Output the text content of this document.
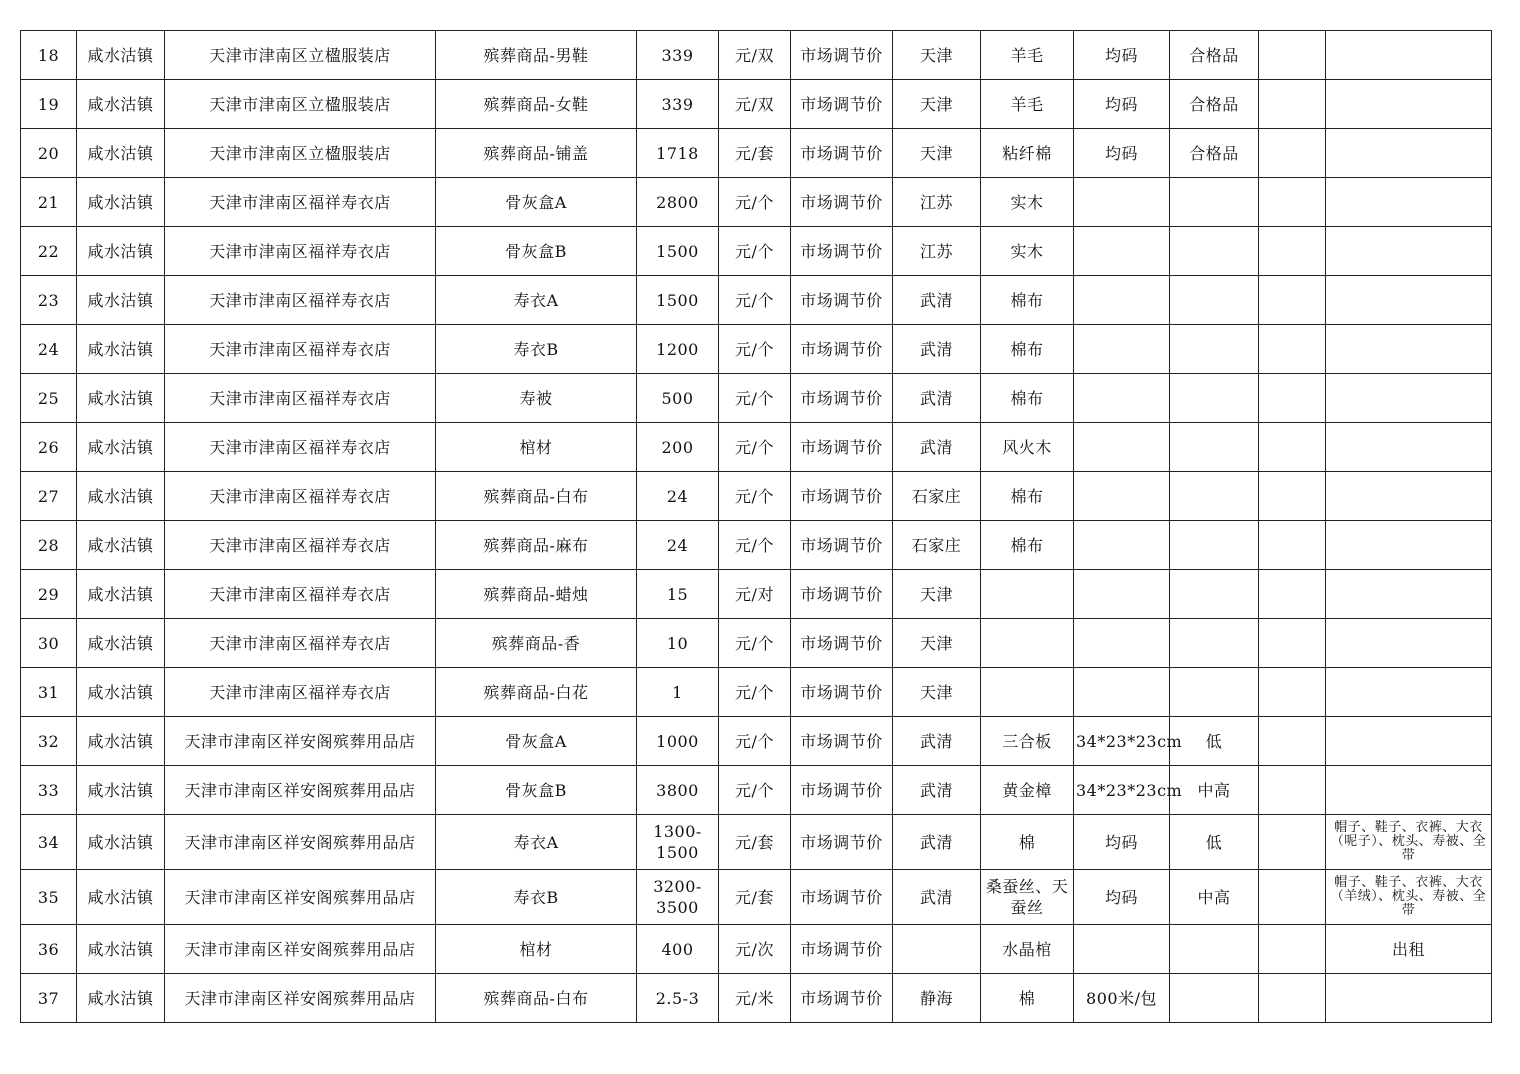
18	咸水沽镇	天津市津南区立楹服装店	殡葬商品-男鞋	339	元/双	市场调节价	天津	羊毛	均码	合格品		
19	咸水沽镇	天津市津南区立楹服装店	殡葬商品-女鞋	339	元/双	市场调节价	天津	羊毛	均码	合格品		
20	咸水沽镇	天津市津南区立楹服装店	殡葬商品-铺盖	1718	元/套	市场调节价	天津	粘纤棉	均码	合格品		
21	咸水沽镇	天津市津南区福祥寿衣店	骨灰盒A	2800	元/个	市场调节价	江苏	实木				
22	咸水沽镇	天津市津南区福祥寿衣店	骨灰盒B	1500	元/个	市场调节价	江苏	实木				
23	咸水沽镇	天津市津南区福祥寿衣店	寿衣A	1500	元/个	市场调节价	武清	棉布				
24	咸水沽镇	天津市津南区福祥寿衣店	寿衣B	1200	元/个	市场调节价	武清	棉布				
25	咸水沽镇	天津市津南区福祥寿衣店	寿被	500	元/个	市场调节价	武清	棉布				
26	咸水沽镇	天津市津南区福祥寿衣店	棺材	200	元/个	市场调节价	武清	风火木				
27	咸水沽镇	天津市津南区福祥寿衣店	殡葬商品-白布	24	元/个	市场调节价	石家庄	棉布				
28	咸水沽镇	天津市津南区福祥寿衣店	殡葬商品-麻布	24	元/个	市场调节价	石家庄	棉布				
29	咸水沽镇	天津市津南区福祥寿衣店	殡葬商品-蜡烛	15	元/对	市场调节价	天津					
30	咸水沽镇	天津市津南区福祥寿衣店	殡葬商品-香	10	元/个	市场调节价	天津					
31	咸水沽镇	天津市津南区福祥寿衣店	殡葬商品-白花	1	元/个	市场调节价	天津					
32	咸水沽镇	天津市津南区祥安阁殡葬用品店	骨灰盒A	1000	元/个	市场调节价	武清	三合板	34*23*23cm	低		
33	咸水沽镇	天津市津南区祥安阁殡葬用品店	骨灰盒B	3800	元/个	市场调节价	武清	黄金樟	34*23*23cm	中高		
34	咸水沽镇	天津市津南区祥安阁殡葬用品店	寿衣A	1300-1500	元/套	市场调节价	武清	棉	均码	低		帽子、鞋子、衣裤、大衣（呢子）、枕头、寿被、全带
35	咸水沽镇	天津市津南区祥安阁殡葬用品店	寿衣B	3200-3500	元/套	市场调节价	武清	桑蚕丝、天蚕丝	均码	中高		帽子、鞋子、衣裤、大衣（羊绒）、枕头、寿被、全带
36	咸水沽镇	天津市津南区祥安阁殡葬用品店	棺材	400	元/次	市场调节价		水晶棺				出租
37	咸水沽镇	天津市津南区祥安阁殡葬用品店	殡葬商品-白布	2.5-3	元/米	市场调节价	静海	棉	800米/包			
